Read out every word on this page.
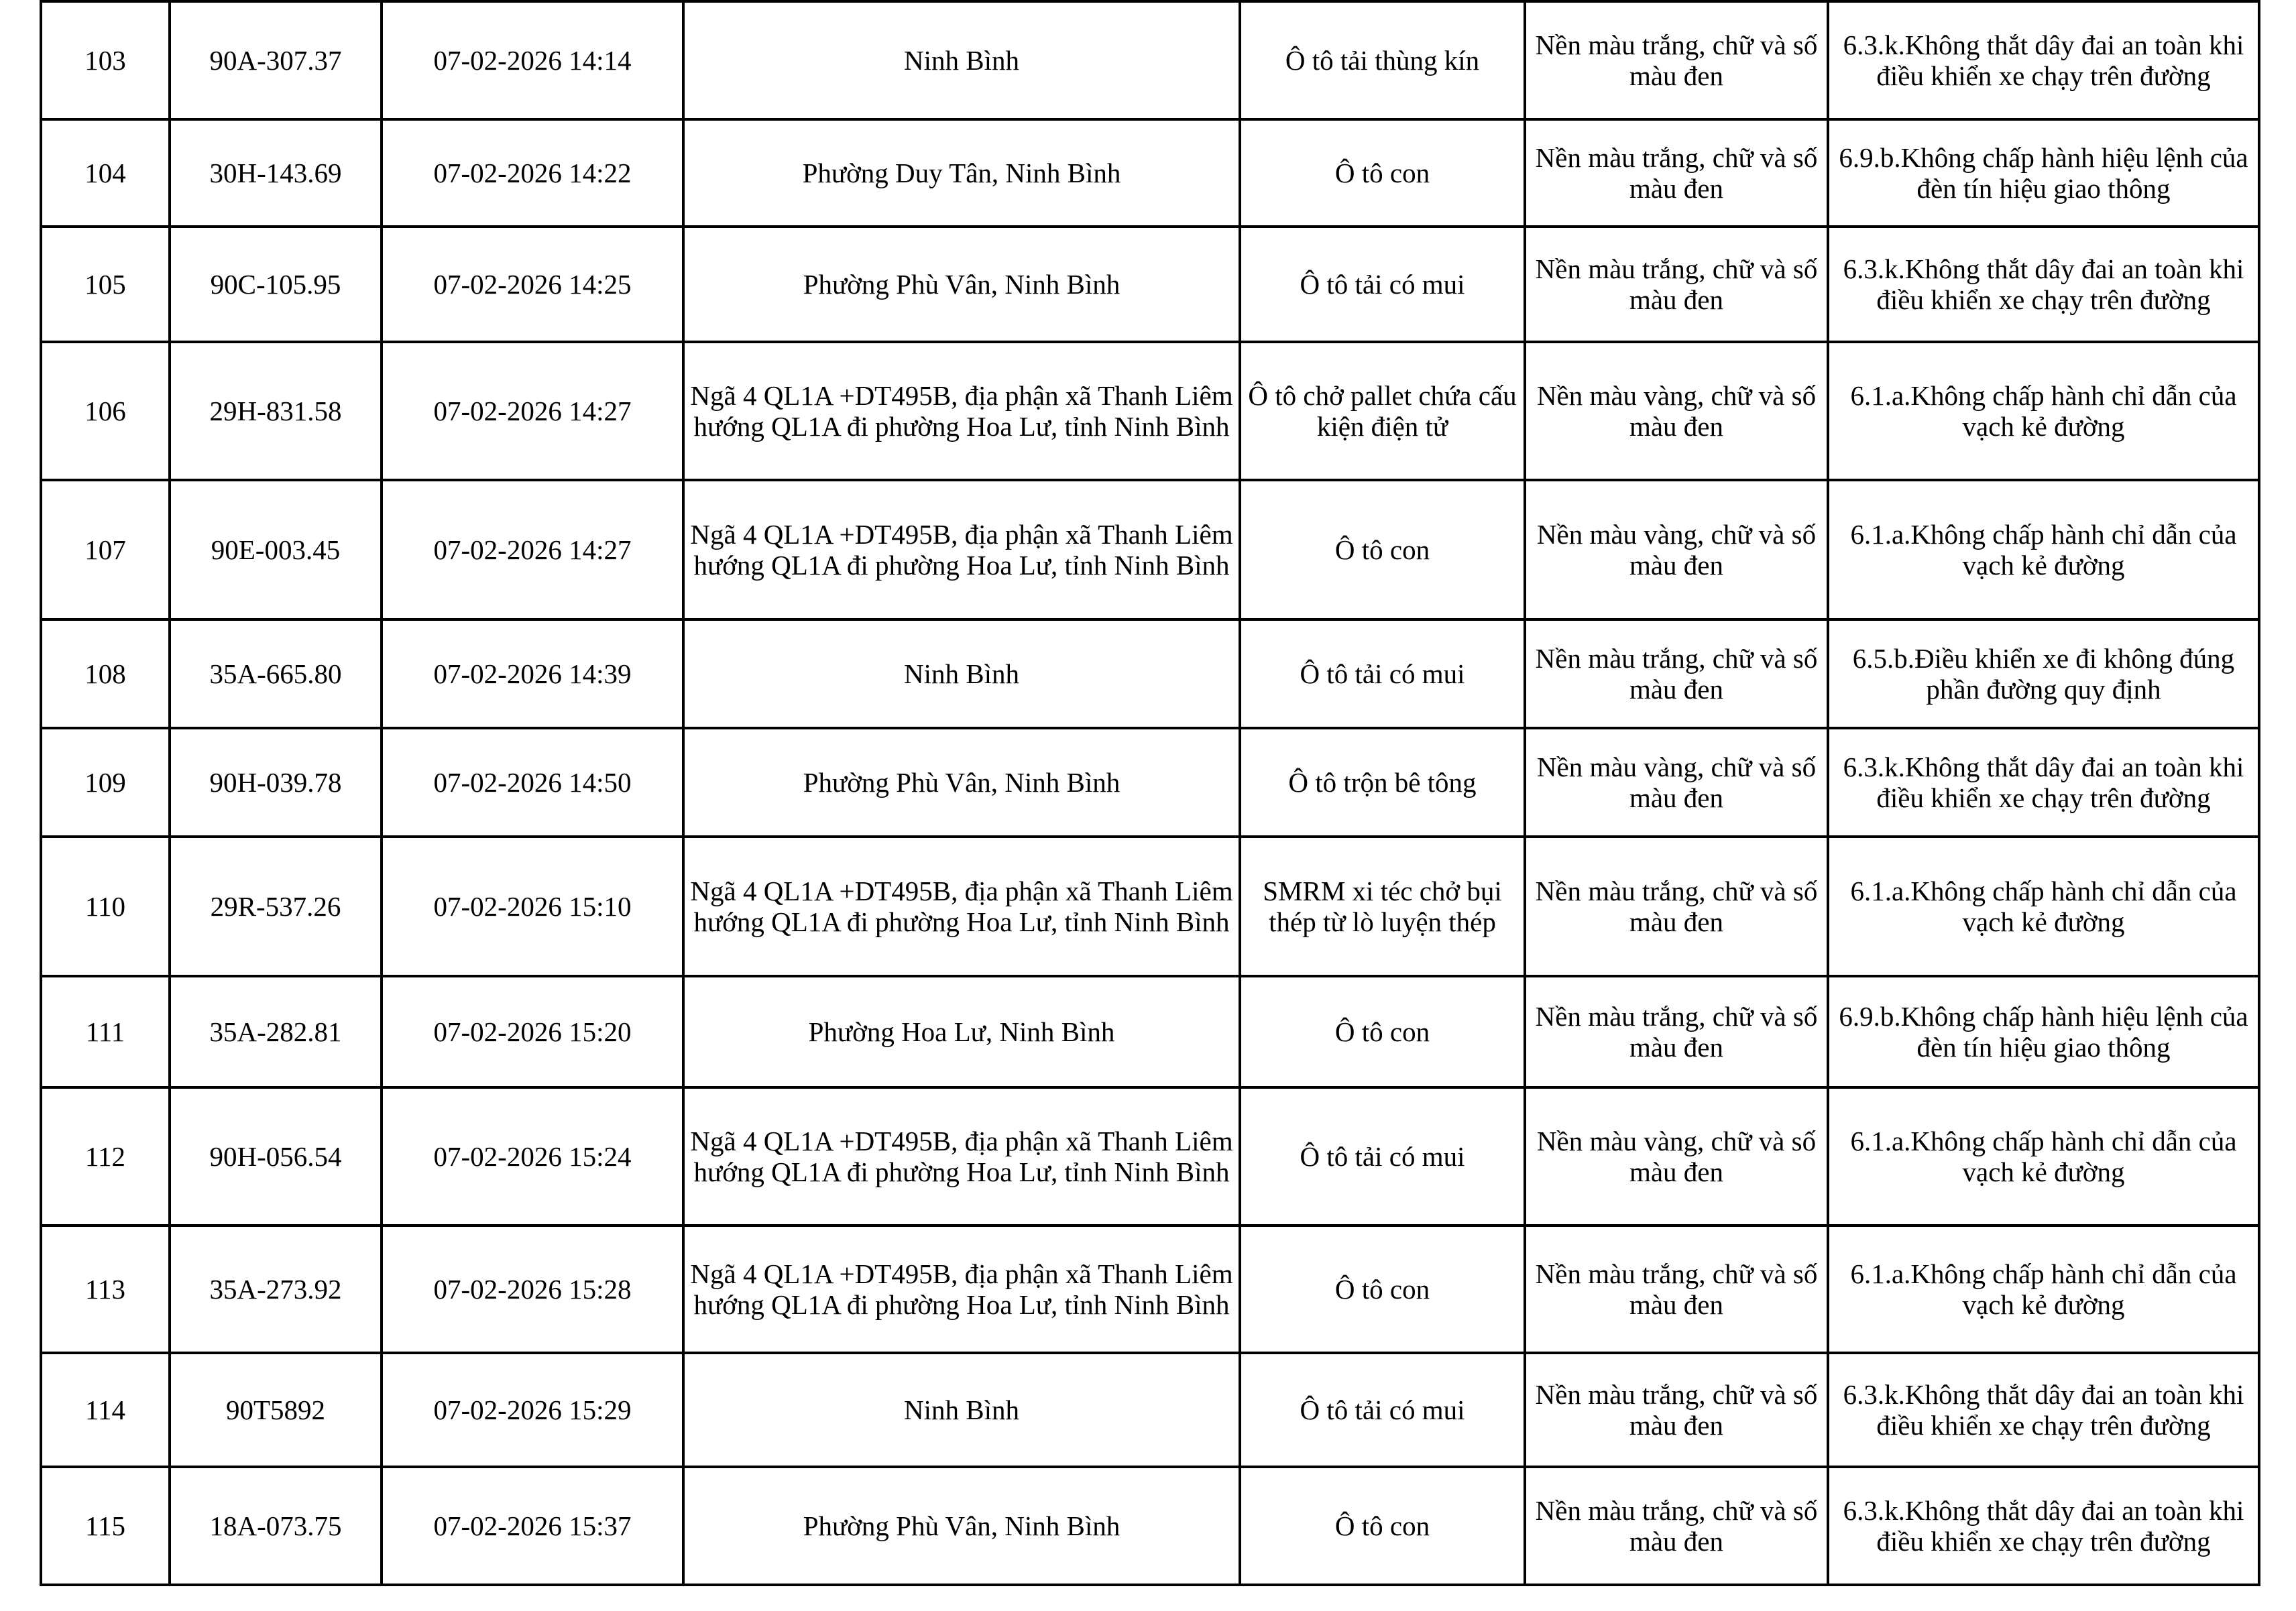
103	90A-307.37	07-02-2026 14:14	Ninh Bình	Ô tô tải thùng kín	Nền màu trắng, chữ và số màu đen	6.3.k.Không thắt dây đai an toàn khi điều khiển xe chạy trên đường
104	30H-143.69	07-02-2026 14:22	Phường Duy Tân, Ninh Bình	Ô tô con	Nền màu trắng, chữ và số màu đen	6.9.b.Không chấp hành hiệu lệnh của đèn tín hiệu giao thông
105	90C-105.95	07-02-2026 14:25	Phường Phù Vân, Ninh Bình	Ô tô tải có mui	Nền màu trắng, chữ và số màu đen	6.3.k.Không thắt dây đai an toàn khi điều khiển xe chạy trên đường
106	29H-831.58	07-02-2026 14:27	Ngã 4 QL1A +DT495B, địa phận xã Thanh Liêm hướng QL1A đi phường Hoa Lư, tỉnh Ninh Bình	Ô tô chở pallet chứa cấu kiện điện tử	Nền màu vàng, chữ và số màu đen	6.1.a.Không chấp hành chỉ dẫn của vạch kẻ đường
107	90E-003.45	07-02-2026 14:27	Ngã 4 QL1A +DT495B, địa phận xã Thanh Liêm hướng QL1A đi phường Hoa Lư, tỉnh Ninh Bình	Ô tô con	Nền màu vàng, chữ và số màu đen	6.1.a.Không chấp hành chỉ dẫn của vạch kẻ đường
108	35A-665.80	07-02-2026 14:39	Ninh Bình	Ô tô tải có mui	Nền màu trắng, chữ và số màu đen	6.5.b.Điều khiển xe đi không đúng phần đường quy định
109	90H-039.78	07-02-2026 14:50	Phường Phù Vân, Ninh Bình	Ô tô trộn bê tông	Nền màu vàng, chữ và số màu đen	6.3.k.Không thắt dây đai an toàn khi điều khiển xe chạy trên đường
110	29R-537.26	07-02-2026 15:10	Ngã 4 QL1A +DT495B, địa phận xã Thanh Liêm hướng QL1A đi phường Hoa Lư, tỉnh Ninh Bình	SMRM xi téc chở bụi thép từ lò luyện thép	Nền màu trắng, chữ và số màu đen	6.1.a.Không chấp hành chỉ dẫn của vạch kẻ đường
111	35A-282.81	07-02-2026 15:20	Phường Hoa Lư, Ninh Bình	Ô tô con	Nền màu trắng, chữ và số màu đen	6.9.b.Không chấp hành hiệu lệnh của đèn tín hiệu giao thông
112	90H-056.54	07-02-2026 15:24	Ngã 4 QL1A +DT495B, địa phận xã Thanh Liêm hướng QL1A đi phường Hoa Lư, tỉnh Ninh Bình	Ô tô tải có mui	Nền màu vàng, chữ và số màu đen	6.1.a.Không chấp hành chỉ dẫn của vạch kẻ đường
113	35A-273.92	07-02-2026 15:28	Ngã 4 QL1A +DT495B, địa phận xã Thanh Liêm hướng QL1A đi phường Hoa Lư, tỉnh Ninh Bình	Ô tô con	Nền màu trắng, chữ và số màu đen	6.1.a.Không chấp hành chỉ dẫn của vạch kẻ đường
114	90T5892	07-02-2026 15:29	Ninh Bình	Ô tô tải có mui	Nền màu trắng, chữ và số màu đen	6.3.k.Không thắt dây đai an toàn khi điều khiển xe chạy trên đường
115	18A-073.75	07-02-2026 15:37	Phường Phù Vân, Ninh Bình	Ô tô con	Nền màu trắng, chữ và số màu đen	6.3.k.Không thắt dây đai an toàn khi điều khiển xe chạy trên đường
